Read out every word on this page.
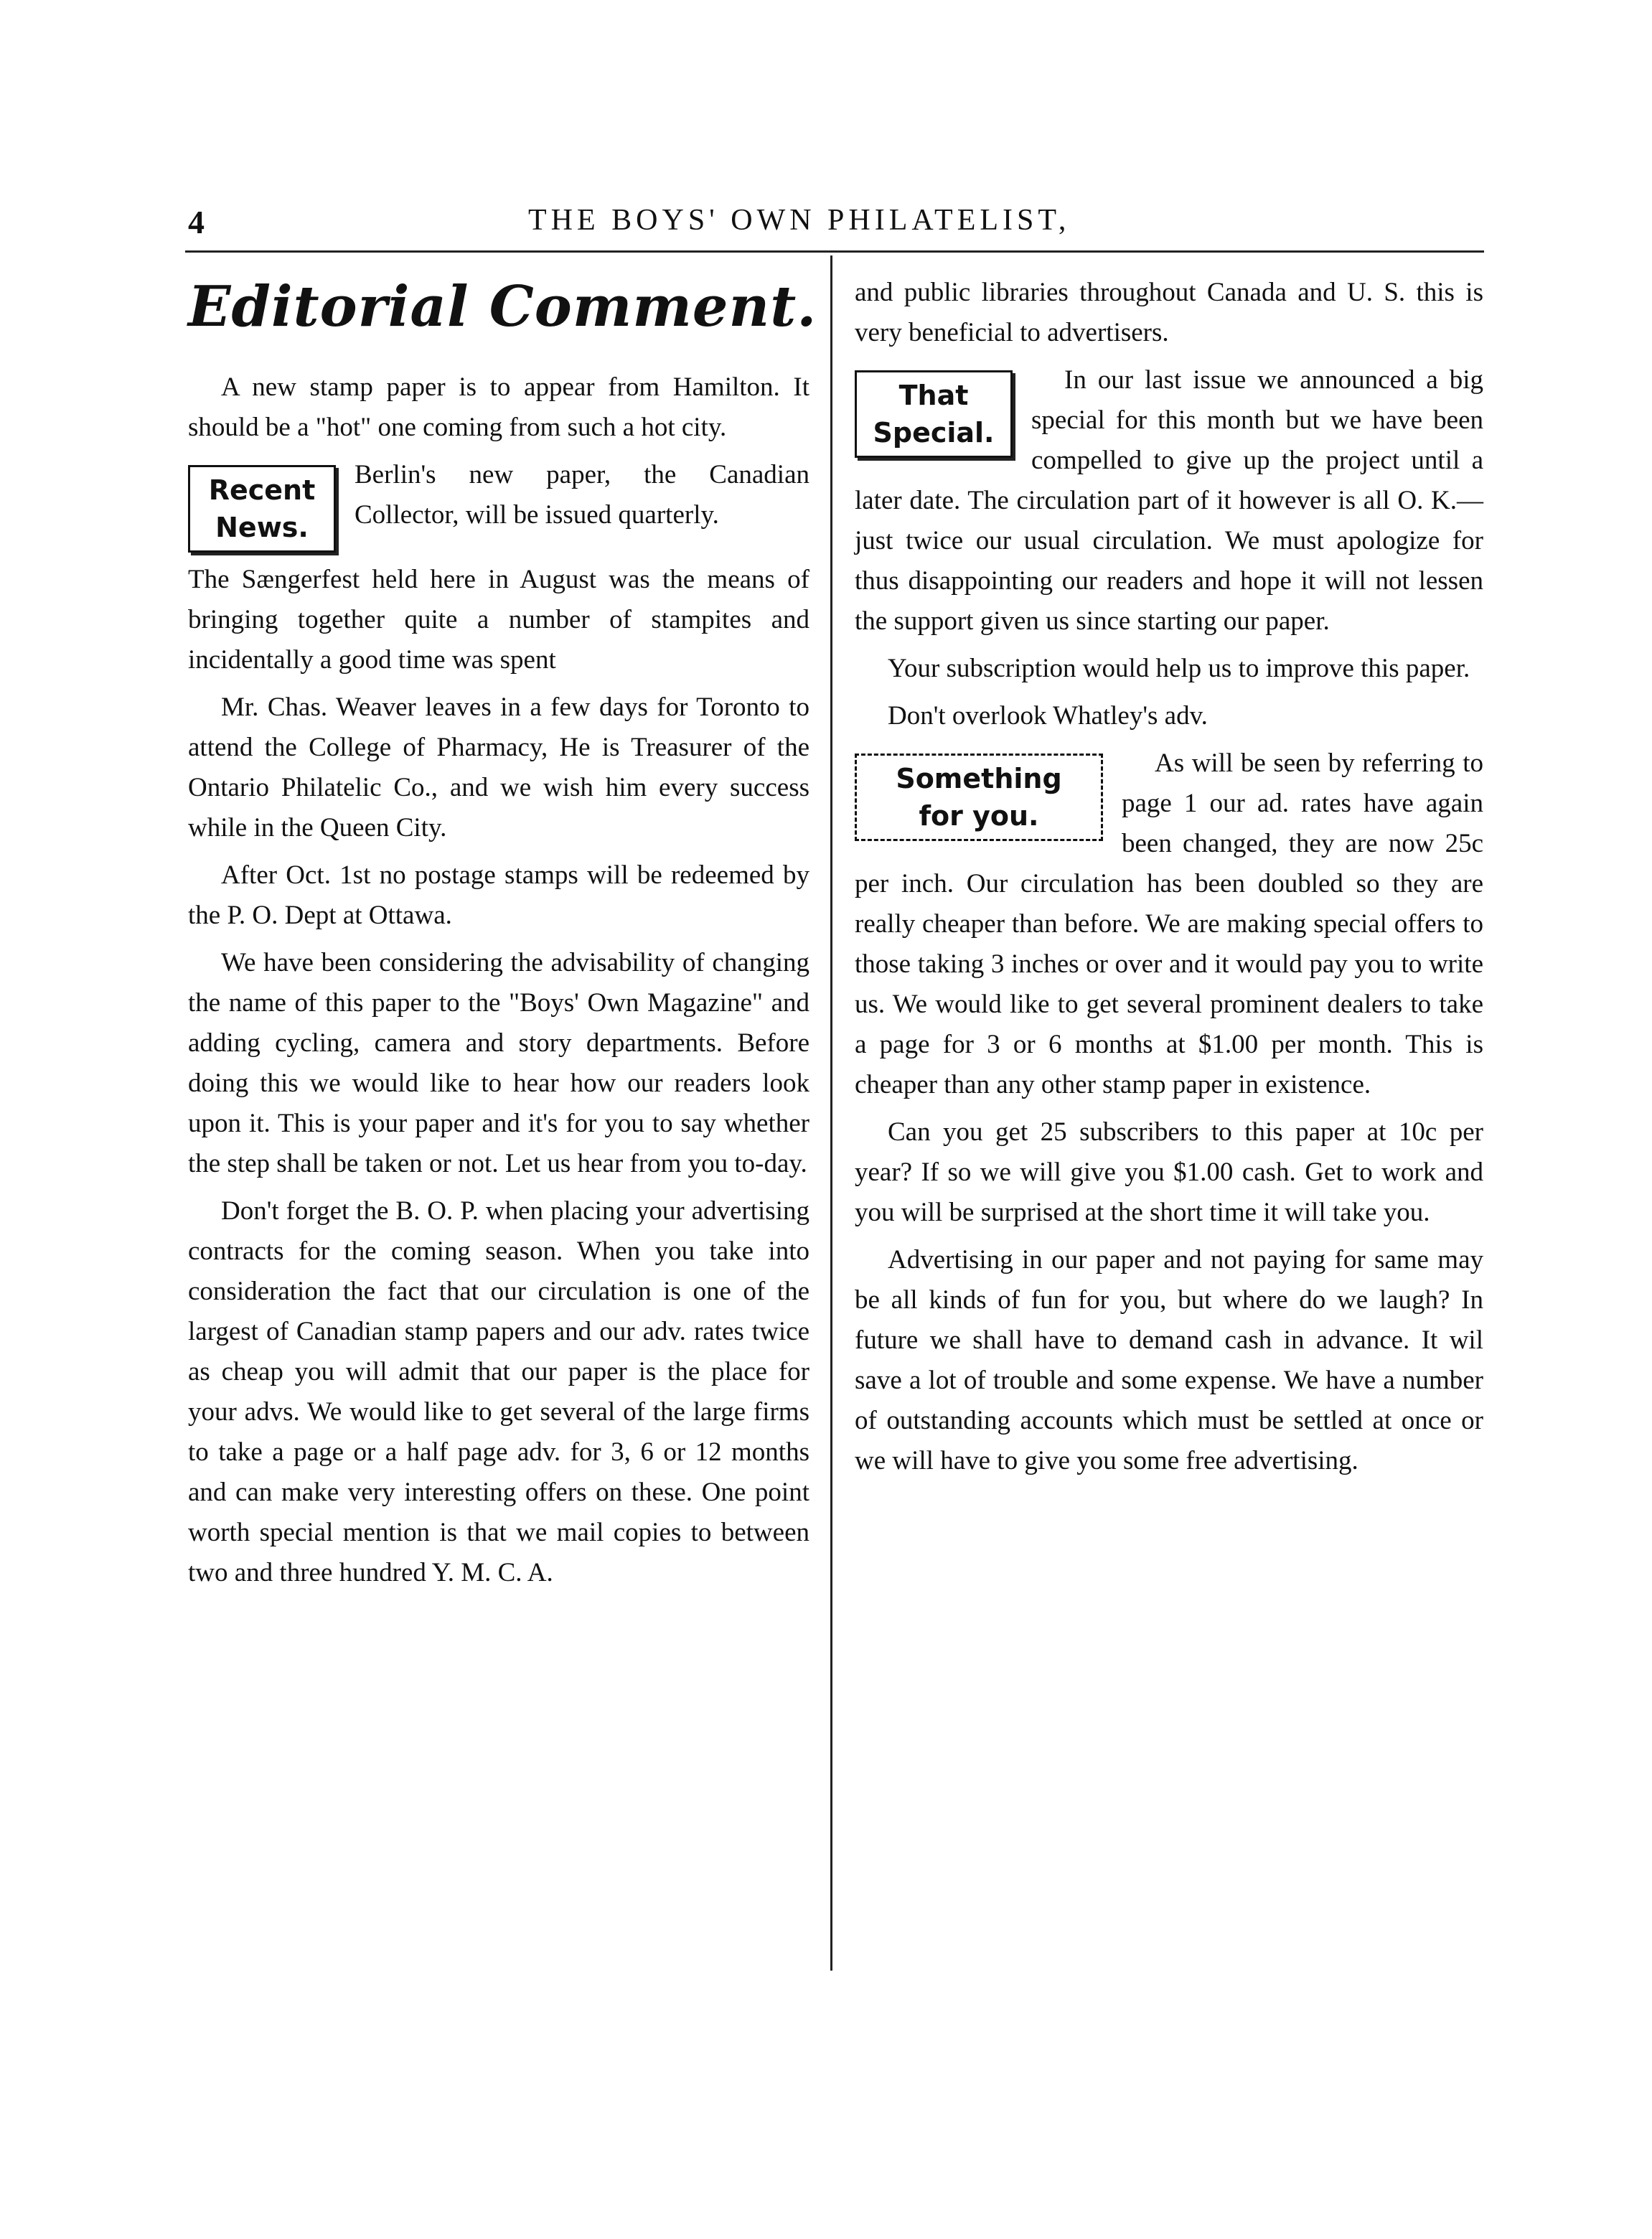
4	THE BOYS' OWN PHILATELIST,
Editorial Comment.

A new stamp paper is to appear from Hamilton. It should be a "hot" one coming from such a hot city.

Recent
News.

Berlin's new paper, the Canadian Collector, will be issued quarterly.

The Sængerfest held here in August was the means of bringing together quite a number of stampites and incidentally a good time was spent

Mr. Chas. Weaver leaves in a few days for Toronto to attend the College of Pharmacy, He is Treasurer of the Ontario Philatelic Co., and we wish him every success while in the Queen City.

After Oct. 1st no postage stamps will be redeemed by the P. O. Dept at Ottawa.

We have been considering the advisability of changing the name of this paper to the "Boys' Own Magazine" and adding cycling, camera and story departments. Before doing this we would like to hear how our readers look upon it. This is your paper and it's for you to say whether the step shall be taken or not. Let us hear from you to-day.

Don't forget the B. O. P. when placing your advertising contracts for the coming season. When you take into consideration the fact that our circulation is one of the largest of Canadian stamp papers and our adv. rates twice as cheap you will admit that our paper is the place for your advs. We would like to get several of the large firms to take a page or a half page adv. for 3, 6 or 12 months and can make very interesting offers on these. One point worth special mention is that we mail copies to between two and three hundred Y. M. C. A.

and public libraries throughout Canada and U. S. this is very beneficial to advertisers.

That
Special.

In our last issue we announced a big special for this month but we have been compelled to give up the project until a later date. The circulation part of it however is all O. K.—just twice our usual circulation. We must apologize for thus disappointing our readers and hope it will not lessen the support given us since starting our paper.

Your subscription would help us to improve this paper.

Don't overlook Whatley's adv.

Something
for you.

As will be seen by referring to page 1 our ad. rates have again been changed, they are now 25c per inch. Our circulation has been doubled so they are really cheaper than before. We are making special offers to those taking 3 inches or over and it would pay you to write us. We would like to get several prominent dealers to take a page for 3 or 6 months at $1.00 per month. This is cheaper than any other stamp paper in existence.

Can you get 25 subscribers to this paper at 10c per year? If so we will give you $1.00 cash. Get to work and you will be surprised at the short time it will take you.

Advertising in our paper and not paying for same may be all kinds of fun for you, but where do we laugh? In future we shall have to demand cash in advance. It wil save a lot of trouble and some expense. We have a number of outstanding accounts which must be settled at once or we will have to give you some free advertising.
